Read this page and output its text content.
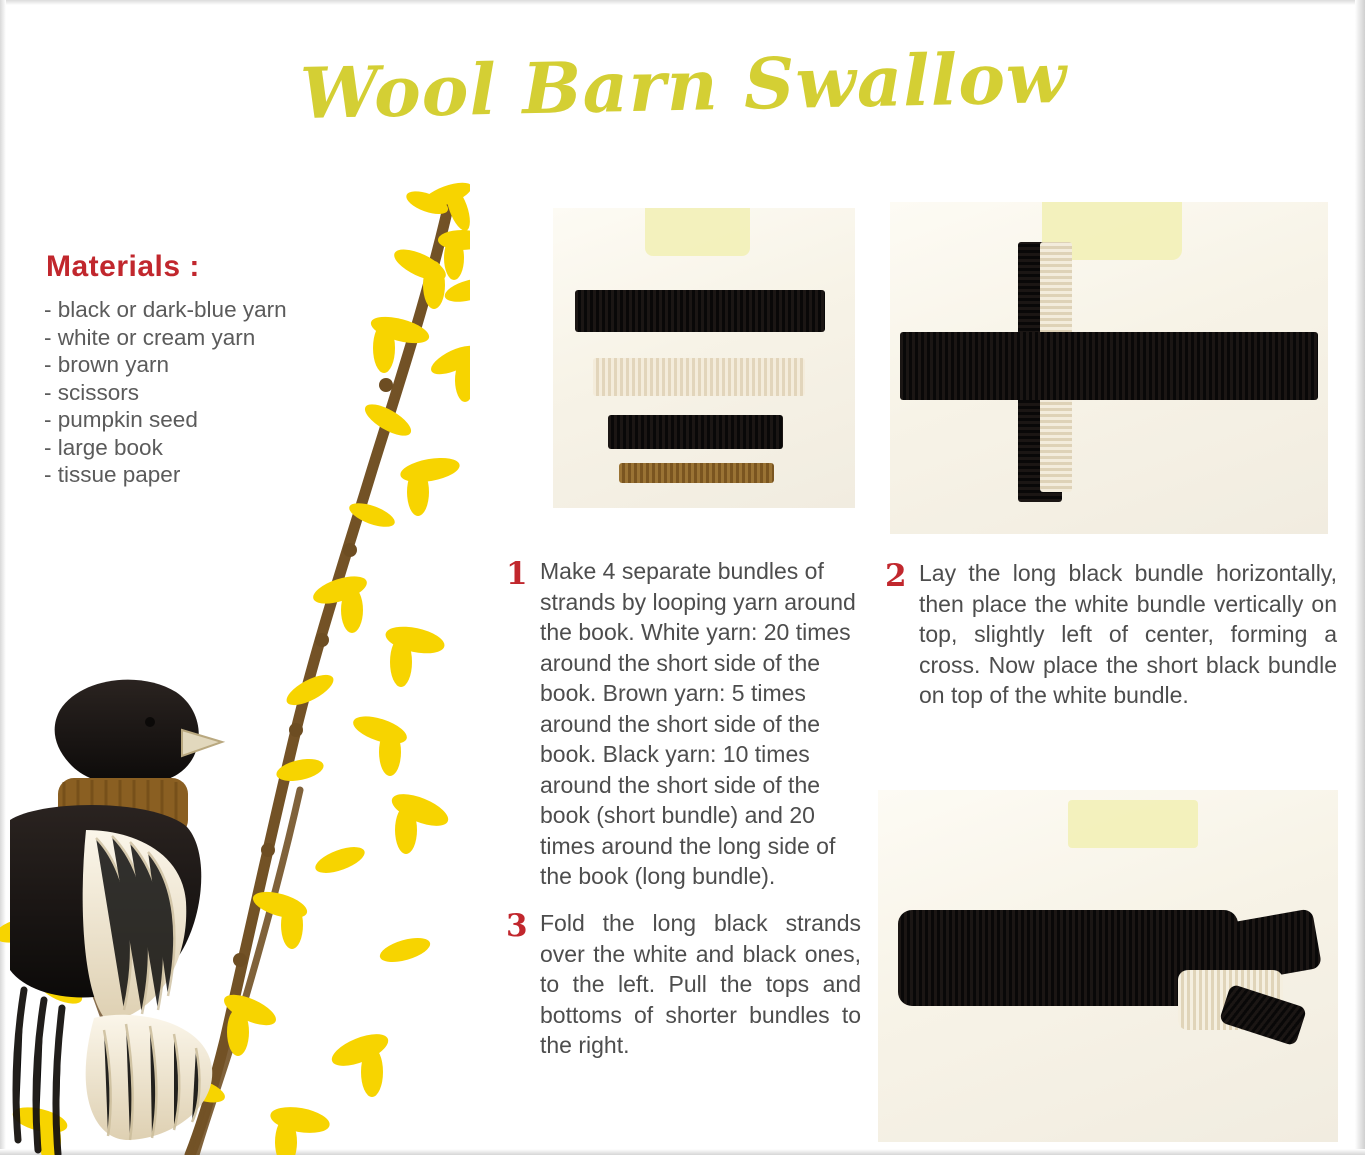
Wool Barn Swallow
Materials :
- black or dark-blue yarn
- white or cream yarn
- brown yarn
- scissors
- pumpkin seed
- large book
- tissue paper
1 Make 4 separate bundles of strands by looping yarn around the book. White yarn: 20 times around the short side of the book. Brown yarn: 5 times around the short side of the book. Black yarn: 10 times around the short side of the book (short bundle) and 20 times around the long side of the book (long bundle).
3 Fold the long black strands over the white and black ones, to the left. Pull the tops and bottoms of shorter bundles to the right.
2 Lay the long black bundle horizontally, then place the white bundle vertically on top, slightly left of center, forming a cross. Now place the short black bundle on top of the white bundle.
